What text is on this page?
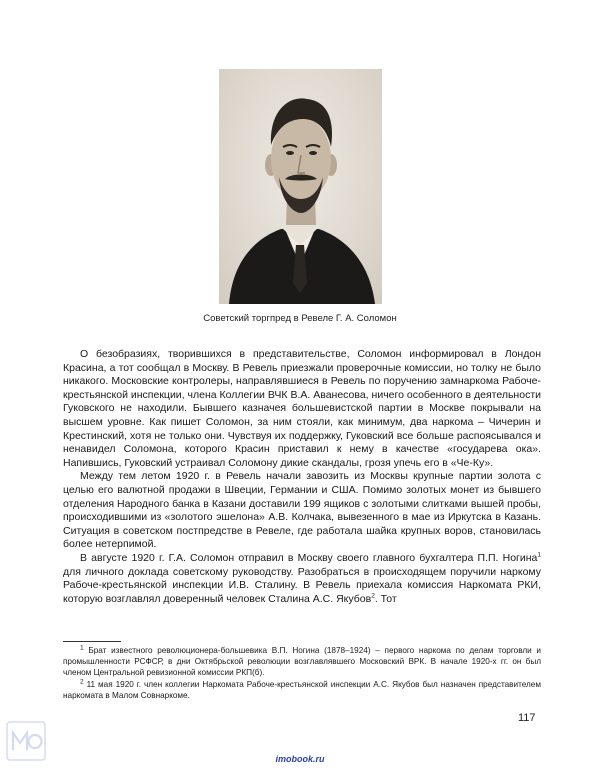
Советский торгпред в Ревеле Г. А. Соломон

О безобразиях, творившихся в представительстве, Соломон информировал в Лондон Красина, а тот сообщал в Москву. В Ревель приезжали проверочные комиссии, но толку не было никакого. Московские контролеры, направлявшиеся в Ревель по поручению замнаркома Рабоче-крестьянской инспекции, члена Коллегии ВЧК В.А. Аванесова, ничего особенного в деятельности Гуковского не находили. Бывшего казначея большевистской партии в Москве покрывали на высшем уровне. Как пишет Соломон, за ним стояли, как минимум, два наркома – Чичерин и Крестинский, хотя не только они. Чувствуя их поддержку, Гуковский все больше распоясывался и ненавидел Соломона, которого Красин приставил к нему в качестве «государева ока». Напившись, Гуковский устраивал Соломону дикие скандалы, грозя упечь его в «Че-Ку».

Между тем летом 1920 г. в Ревель начали завозить из Москвы крупные партии золота с целью его валютной продажи в Швеции, Германии и США. Помимо золотых монет из бывшего отделения Народного банка в Казани доставили 199 ящиков с золотыми слитками вышей пробы, происходившими из «золотого эшелона» А.В. Колчака, вывезенного в мае из Иркутска в Казань. Ситуация в советском постпредстве в Ревеле, где работала шайка крупных воров, становилась более нетерпимой.

В августе 1920 г. Г.А. Соломон отправил в Москву своего главного бухгалтера П.П. Ногина$^1$ для личного доклада советскому руководству. Разобраться в происходящем поручили наркому Рабоче-крестьянской инспекции И.В. Сталину. В Ревель приехала комиссия Наркомата РКИ, которую возглавлял доверенный человек Сталина А.С. Якубов$^2$. Тот

$^1$ Брат известного революционера-большевика В.П. Ногина (1878–1924) – первого наркома по делам торговли и промышленности РСФСР, в дни Октябрьской революции возглавлявшего Московский ВРК. В начале 1920-х гг. он был членом Центральной ревизионной комиссии РКП(б).

$^2$ 11 мая 1920 г. член коллегии Наркомата Рабоче-крестьянской инспекции А.С. Якубов был назначен представителем наркомата в Малом Совнаркоме.

117
imobook.ru
